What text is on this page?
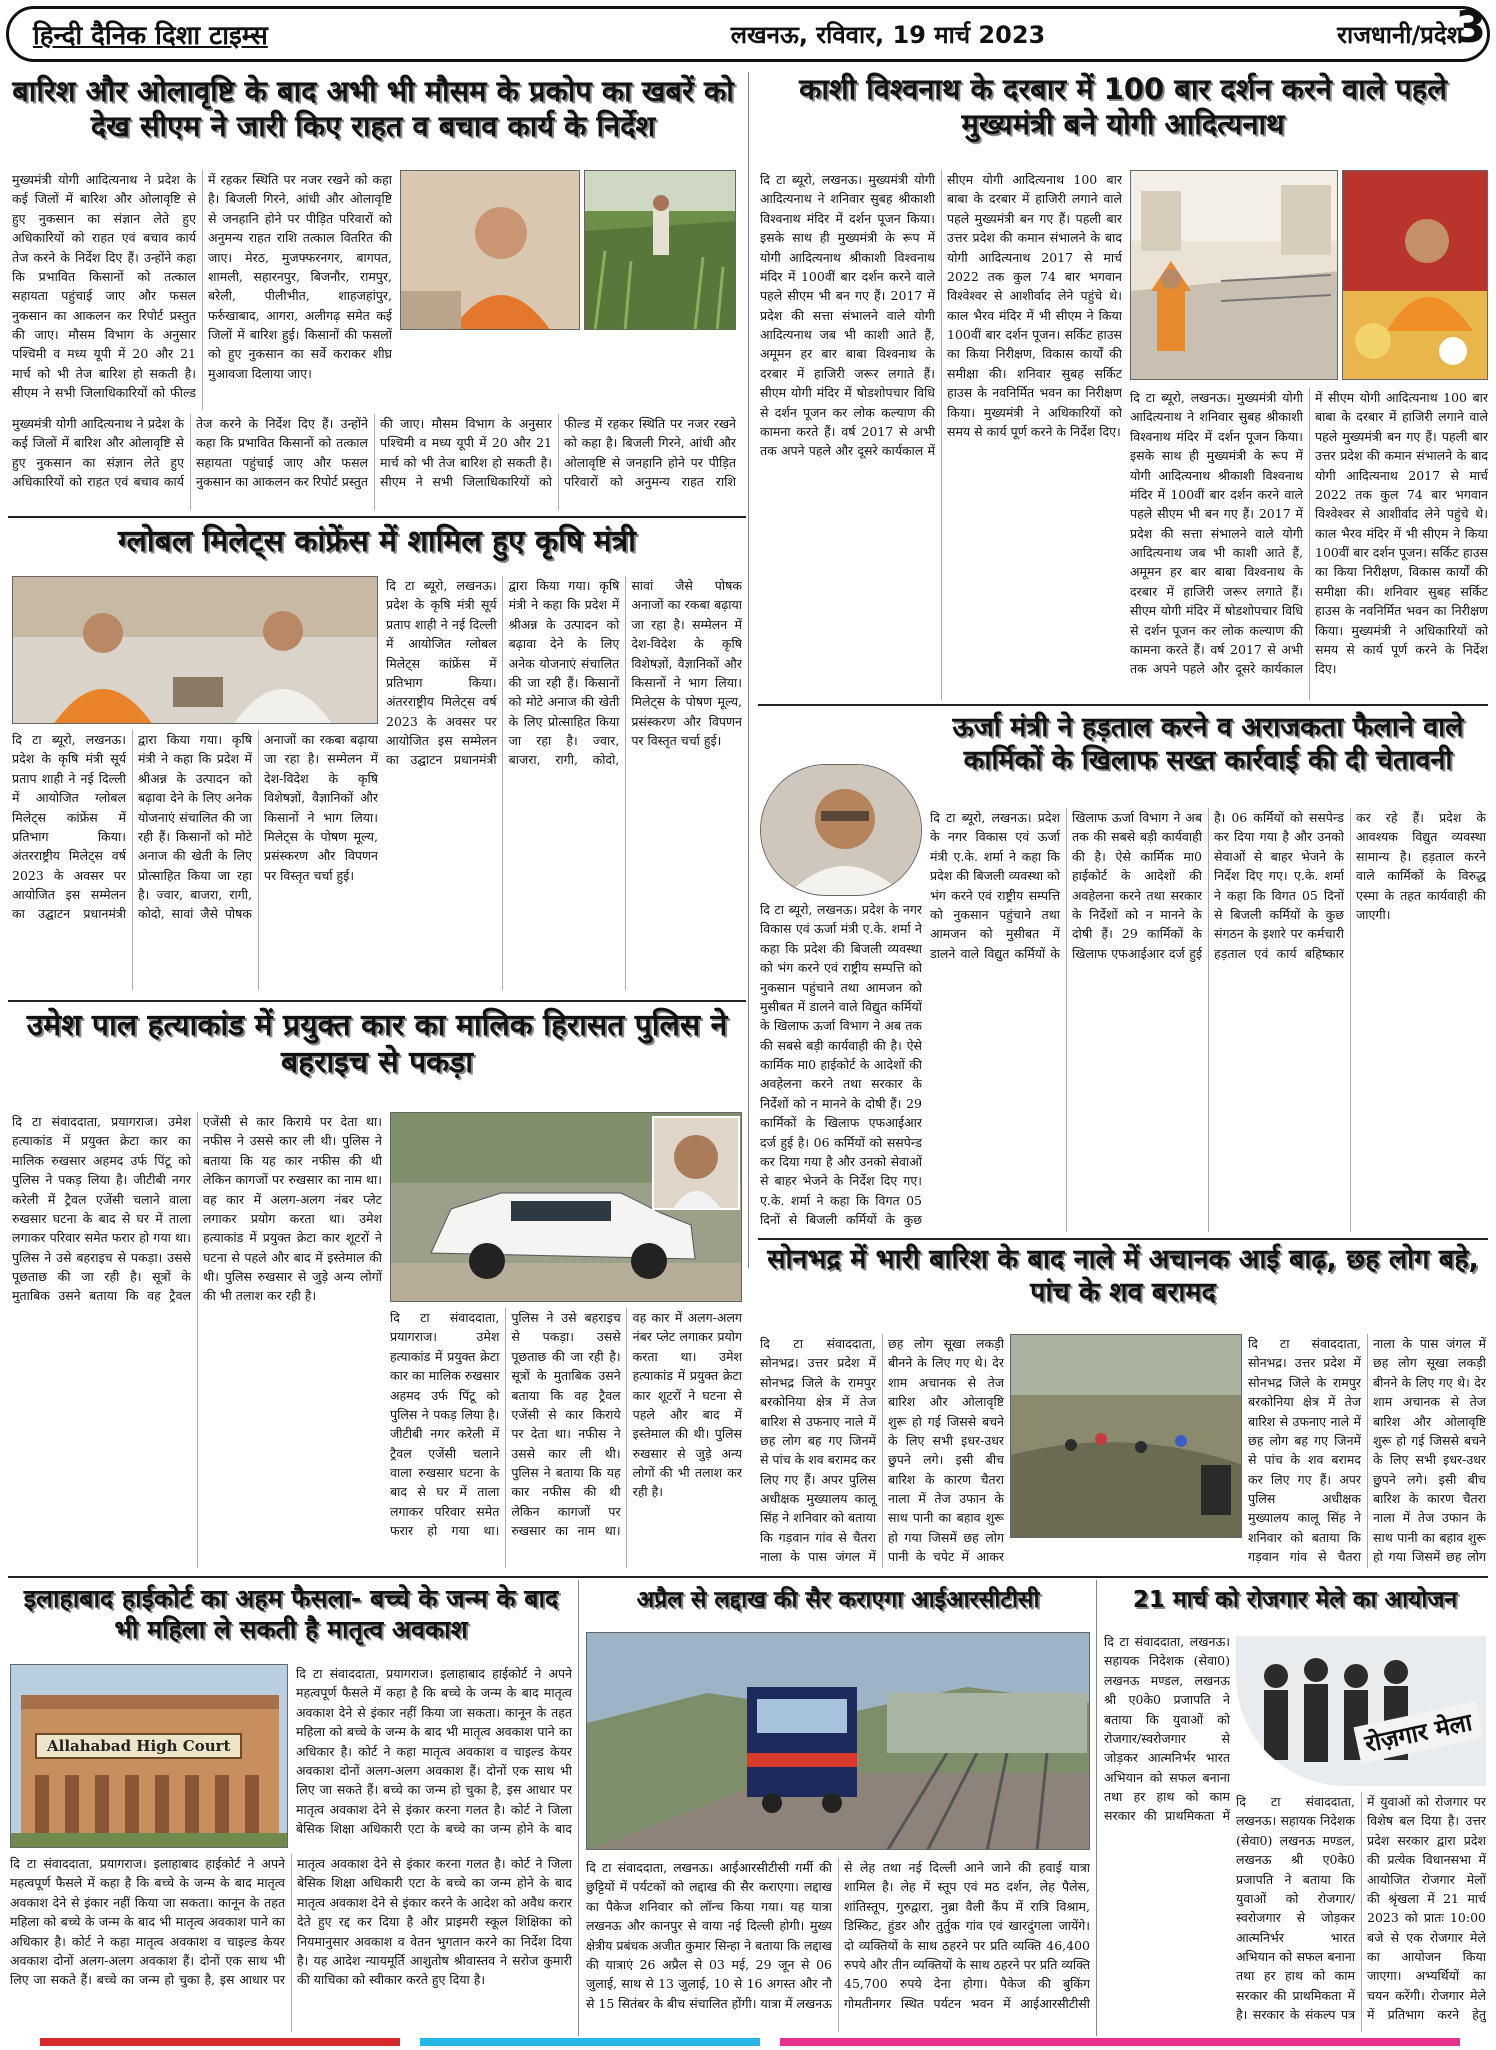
हिन्दी दैनिक दिशा टाइम्स	लखनऊ, रविवार, 19 मार्च 2023	राजधानी/प्रदेश
3
बारिश और ओलावृष्टि के बाद अभी भी मौसम के प्रकोप का खबरें को देख सीएम ने जारी किए राहत व बचाव कार्य के निर्देश

मुख्यमंत्री योगी आदित्यनाथ ने प्रदेश के कई जिलों में बारिश और ओलावृष्टि से हुए नुकसान का संज्ञान लेते हुए अधिकारियों को राहत एवं बचाव कार्य तेज करने के निर्देश दिए हैं। उन्होंने कहा कि प्रभावित किसानों को तत्काल सहायता पहुंचाई जाए और फसल नुकसान का आकलन कर रिपोर्ट प्रस्तुत की जाए। मौसम विभाग के अनुसार पश्चिमी व मध्य यूपी में 20 और 21 मार्च को भी तेज बारिश हो सकती है। सीएम ने सभी जिलाधिकारियों को फील्ड में रहकर स्थिति पर नजर रखने को कहा है। बिजली गिरने, आंधी और ओलावृष्टि से जनहानि होने पर पीड़ित परिवारों को अनुमन्य राहत राशि तत्काल वितरित की जाए। मेरठ, मुजफ्फरनगर, बागपत, शामली, सहारनपुर, बिजनौर, रामपुर, बरेली, पीलीभीत, शाहजहांपुर, फर्रुखाबाद, आगरा, अलीगढ़ समेत कई जिलों में बारिश हुई। किसानों की फसलों को हुए नुकसान का सर्वे कराकर शीघ्र मुआवजा दिलाया जाए।

मुख्यमंत्री योगी आदित्यनाथ ने प्रदेश के कई जिलों में बारिश और ओलावृष्टि से हुए नुकसान का संज्ञान लेते हुए अधिकारियों को राहत एवं बचाव कार्य तेज करने के निर्देश दिए हैं। उन्होंने कहा कि प्रभावित किसानों को तत्काल सहायता पहुंचाई जाए और फसल नुकसान का आकलन कर रिपोर्ट प्रस्तुत की जाए। मौसम विभाग के अनुसार पश्चिमी व मध्य यूपी में 20 और 21 मार्च को भी तेज बारिश हो सकती है। सीएम ने सभी जिलाधिकारियों को फील्ड में रहकर स्थिति पर नजर रखने को कहा है। बिजली गिरने, आंधी और ओलावृष्टि से जनहानि होने पर पीड़ित परिवारों को अनुमन्य राहत राशि

काशी विश्वनाथ के दरबार में 100 बार दर्शन करने वाले पहले मुख्यमंत्री बने योगी आदित्यनाथ

दि टा ब्यूरो, लखनऊ। मुख्यमंत्री योगी आदित्यनाथ ने शनिवार सुबह श्रीकाशी विश्वनाथ मंदिर में दर्शन पूजन किया। इसके साथ ही मुख्यमंत्री के रूप में योगी आदित्यनाथ श्रीकाशी विश्वनाथ मंदिर में 100वीं बार दर्शन करने वाले पहले सीएम भी बन गए हैं। 2017 में प्रदेश की सत्ता संभालने वाले योगी आदित्यनाथ जब भी काशी आते हैं, अमूमन हर बार बाबा विश्वनाथ के दरबार में हाजिरी जरूर लगाते हैं। सीएम योगी मंदिर में षोडशोपचार विधि से दर्शन पूजन कर लोक कल्याण की कामना करते हैं। वर्ष 2017 से अभी तक अपने पहले और दूसरे कार्यकाल में सीएम योगी आदित्यनाथ 100 बार बाबा के दरबार में हाजिरी लगाने वाले पहले मुख्यमंत्री बन गए हैं। पहली बार उत्तर प्रदेश की कमान संभालने के बाद योगी आदित्यनाथ 2017 से मार्च 2022 तक कुल 74 बार भगवान विश्वेश्वर से आशीर्वाद लेने पहुंचे थे। काल भैरव मंदिर में भी सीएम ने किया 100वीं बार दर्शन पूजन। सर्किट हाउस का किया निरीक्षण, विकास कार्यों की समीक्षा की। शनिवार सुबह सर्किट हाउस के नवनिर्मित भवन का निरीक्षण किया। मुख्यमंत्री ने अधिकारियों को समय से कार्य पूर्ण करने के निर्देश दिए।

दि टा ब्यूरो, लखनऊ। मुख्यमंत्री योगी आदित्यनाथ ने शनिवार सुबह श्रीकाशी विश्वनाथ मंदिर में दर्शन पूजन किया। इसके साथ ही मुख्यमंत्री के रूप में योगी आदित्यनाथ श्रीकाशी विश्वनाथ मंदिर में 100वीं बार दर्शन करने वाले पहले सीएम भी बन गए हैं। 2017 में प्रदेश की सत्ता संभालने वाले योगी आदित्यनाथ जब भी काशी आते हैं, अमूमन हर बार बाबा विश्वनाथ के दरबार में हाजिरी जरूर लगाते हैं। सीएम योगी मंदिर में षोडशोपचार विधि से दर्शन पूजन कर लोक कल्याण की कामना करते हैं। वर्ष 2017 से अभी तक अपने पहले और दूसरे कार्यकाल में सीएम योगी आदित्यनाथ 100 बार बाबा के दरबार में हाजिरी लगाने वाले पहले मुख्यमंत्री बन गए हैं। पहली बार उत्तर प्रदेश की कमान संभालने के बाद योगी आदित्यनाथ 2017 से मार्च 2022 तक कुल 74 बार भगवान विश्वेश्वर से आशीर्वाद लेने पहुंचे थे। काल भैरव मंदिर में भी सीएम ने किया 100वीं बार दर्शन पूजन। सर्किट हाउस का किया निरीक्षण, विकास कार्यों की समीक्षा की। शनिवार सुबह सर्किट हाउस के नवनिर्मित भवन का निरीक्षण किया। मुख्यमंत्री ने अधिकारियों को समय से कार्य पूर्ण करने के निर्देश दिए।

ग्लोबल मिलेट्स कांफ्रेंस में शामिल हुए कृषि मंत्री

दि टा ब्यूरो, लखनऊ। प्रदेश के कृषि मंत्री सूर्य प्रताप शाही ने नई दिल्ली में आयोजित ग्लोबल मिलेट्स कांफ्रेंस में प्रतिभाग किया। अंतरराष्ट्रीय मिलेट्स वर्ष 2023 के अवसर पर आयोजित इस सम्मेलन का उद्घाटन प्रधानमंत्री द्वारा किया गया। कृषि मंत्री ने कहा कि प्रदेश में श्रीअन्न के उत्पादन को बढ़ावा देने के लिए अनेक योजनाएं संचालित की जा रही हैं। किसानों को मोटे अनाज की खेती के लिए प्रोत्साहित किया जा रहा है। ज्वार, बाजरा, रागी, कोदो, सावां जैसे पोषक अनाजों का रकबा बढ़ाया जा रहा है। सम्मेलन में देश-विदेश के कृषि विशेषज्ञों, वैज्ञानिकों और किसानों ने भाग लिया। मिलेट्स के पोषण मूल्य, प्रसंस्करण और विपणन पर विस्तृत चर्चा हुई।

दि टा ब्यूरो, लखनऊ। प्रदेश के कृषि मंत्री सूर्य प्रताप शाही ने नई दिल्ली में आयोजित ग्लोबल मिलेट्स कांफ्रेंस में प्रतिभाग किया। अंतरराष्ट्रीय मिलेट्स वर्ष 2023 के अवसर पर आयोजित इस सम्मेलन का उद्घाटन प्रधानमंत्री द्वारा किया गया। कृषि मंत्री ने कहा कि प्रदेश में श्रीअन्न के उत्पादन को बढ़ावा देने के लिए अनेक योजनाएं संचालित की जा रही हैं। किसानों को मोटे अनाज की खेती के लिए प्रोत्साहित किया जा रहा है। ज्वार, बाजरा, रागी, कोदो, सावां जैसे पोषक अनाजों का रकबा बढ़ाया जा रहा है। सम्मेलन में देश-विदेश के कृषि विशेषज्ञों, वैज्ञानिकों और किसानों ने भाग लिया। मिलेट्स के पोषण मूल्य, प्रसंस्करण और विपणन पर विस्तृत चर्चा हुई।

ऊर्जा मंत्री ने हड़ताल करने व अराजकता फैलाने वाले कार्मिकों के खिलाफ सख्त कार्रवाई की दी चेतावनी

दि टा ब्यूरो, लखनऊ। प्रदेश के नगर विकास एवं ऊर्जा मंत्री ए.के. शर्मा ने कहा कि प्रदेश की बिजली व्यवस्था को भंग करने एवं राष्ट्रीय सम्पत्ति को नुकसान पहुंचाने तथा आमजन को मुसीबत में डालने वाले विद्युत कर्मियों के खिलाफ ऊर्जा विभाग ने अब तक की सबसे बड़ी कार्यवाही की है। ऐसे कार्मिक मा0 हाईकोर्ट के आदेशों की अवहेलना करने तथा सरकार के निर्देशों को न मानने के दोषी हैं। 29 कार्मिकों के खिलाफ एफआईआर दर्ज हुई है। 06 कर्मियों को ससपेन्ड कर दिया गया है और उनको सेवाओं से बाहर भेजने के निर्देश दिए गए। ए.के. शर्मा ने कहा कि विगत 05 दिनों से बिजली कर्मियों के कुछ

दि टा ब्यूरो, लखनऊ। प्रदेश के नगर विकास एवं ऊर्जा मंत्री ए.के. शर्मा ने कहा कि प्रदेश की बिजली व्यवस्था को भंग करने एवं राष्ट्रीय सम्पत्ति को नुकसान पहुंचाने तथा आमजन को मुसीबत में डालने वाले विद्युत कर्मियों के खिलाफ ऊर्जा विभाग ने अब तक की सबसे बड़ी कार्यवाही की है। ऐसे कार्मिक मा0 हाईकोर्ट के आदेशों की अवहेलना करने तथा सरकार के निर्देशों को न मानने के दोषी हैं। 29 कार्मिकों के खिलाफ एफआईआर दर्ज हुई है। 06 कर्मियों को ससपेन्ड कर दिया गया है और उनको सेवाओं से बाहर भेजने के निर्देश दिए गए। ए.के. शर्मा ने कहा कि विगत 05 दिनों से बिजली कर्मियों के कुछ संगठन के इशारे पर कर्मचारी हड़ताल एवं कार्य बहिष्कार कर रहे हैं। प्रदेश के आवश्यक विद्युत व्यवस्था सामान्य है। हड़ताल करने वाले कार्मिकों के विरुद्ध एस्मा के तहत कार्यवाही की जाएगी।

उमेश पाल हत्याकांड में प्रयुक्त कार का मालिक हिरासत पुलिस ने बहराइच से पकड़ा

दि टा संवाददाता, प्रयागराज। उमेश हत्याकांड में प्रयुक्त क्रेटा कार का मालिक रुखसार अहमद उर्फ पिंटू को पुलिस ने पकड़ लिया है। जीटीबी नगर करेली में ट्रैवल एजेंसी चलाने वाला रुखसार घटना के बाद से घर में ताला लगाकर परिवार समेत फरार हो गया था। पुलिस ने उसे बहराइच से पकड़ा। उससे पूछताछ की जा रही है। सूत्रों के मुताबिक उसने बताया कि वह ट्रैवल एजेंसी से कार किराये पर देता था। नफीस ने उससे कार ली थी। पुलिस ने बताया कि यह कार नफीस की थी लेकिन कागजों पर रुखसार का नाम था। वह कार में अलग-अलग नंबर प्लेट लगाकर प्रयोग करता था। उमेश हत्याकांड में प्रयुक्त क्रेटा कार शूटरों ने घटना से पहले और बाद में इस्तेमाल की थी। पुलिस रुखसार से जुड़े अन्य लोगों की भी तलाश कर रही है।

दि टा संवाददाता, प्रयागराज। उमेश हत्याकांड में प्रयुक्त क्रेटा कार का मालिक रुखसार अहमद उर्फ पिंटू को पुलिस ने पकड़ लिया है। जीटीबी नगर करेली में ट्रैवल एजेंसी चलाने वाला रुखसार घटना के बाद से घर में ताला लगाकर परिवार समेत फरार हो गया था। पुलिस ने उसे बहराइच से पकड़ा। उससे पूछताछ की जा रही है। सूत्रों के मुताबिक उसने बताया कि वह ट्रैवल एजेंसी से कार किराये पर देता था। नफीस ने उससे कार ली थी। पुलिस ने बताया कि यह कार नफीस की थी लेकिन कागजों पर रुखसार का नाम था। वह कार में अलग-अलग नंबर प्लेट लगाकर प्रयोग करता था। उमेश हत्याकांड में प्रयुक्त क्रेटा कार शूटरों ने घटना से पहले और बाद में इस्तेमाल की थी। पुलिस रुखसार से जुड़े अन्य लोगों की भी तलाश कर रही है।

सोनभद्र में भारी बारिश के बाद नाले में अचानक आई बाढ़, छह लोग बहे, पांच के शव बरामद

दि टा संवाददाता, सोनभद्र। उत्तर प्रदेश में सोनभद्र जिले के रामपुर बरकोनिया क्षेत्र में तेज बारिश से उफनाए नाले में छह लोग बह गए जिनमें से पांच के शव बरामद कर लिए गए हैं। अपर पुलिस अधीक्षक मुख्यालय कालू सिंह ने शनिवार को बताया कि गड़वान गांव से चैतरा नाला के पास जंगल में छह लोग सूखा लकड़ी बीनने के लिए गए थे। देर शाम अचानक से तेज बारिश और ओलावृष्टि शुरू हो गई जिससे बचने के लिए सभी इधर-उधर छुपने लगे। इसी बीच बारिश के कारण चैतरा नाला में तेज उफान के साथ पानी का बहाव शुरू हो गया जिसमें छह लोग पानी के चपेट में आकर

दि टा संवाददाता, सोनभद्र। उत्तर प्रदेश में सोनभद्र जिले के रामपुर बरकोनिया क्षेत्र में तेज बारिश से उफनाए नाले में छह लोग बह गए जिनमें से पांच के शव बरामद कर लिए गए हैं। अपर पुलिस अधीक्षक मुख्यालय कालू सिंह ने शनिवार को बताया कि गड़वान गांव से चैतरा नाला के पास जंगल में छह लोग सूखा लकड़ी बीनने के लिए गए थे। देर शाम अचानक से तेज बारिश और ओलावृष्टि शुरू हो गई जिससे बचने के लिए सभी इधर-उधर छुपने लगे। इसी बीच बारिश के कारण चैतरा नाला में तेज उफान के साथ पानी का बहाव शुरू हो गया जिसमें छह लोग

इलाहाबाद हाईकोर्ट का अहम फैसला- बच्चे के जन्म के बाद भी महिला ले सकती है मातृत्व अवकाश
Allahabad High Court

दि टा संवाददाता, प्रयागराज। इलाहाबाद हाईकोर्ट ने अपने महत्वपूर्ण फैसले में कहा है कि बच्चे के जन्म के बाद मातृत्व अवकाश देने से इंकार नहीं किया जा सकता। कानून के तहत महिला को बच्चे के जन्म के बाद भी मातृत्व अवकाश पाने का अधिकार है। कोर्ट ने कहा मातृत्व अवकाश व चाइल्ड केयर अवकाश दोनों अलग-अलग अवकाश हैं। दोनों एक साथ भी लिए जा सकते हैं। बच्चे का जन्म हो चुका है, इस आधार पर मातृत्व अवकाश देने से इंकार करना गलत है। कोर्ट ने जिला बेसिक शिक्षा अधिकारी एटा के बच्चे का जन्म होने के बाद

दि टा संवाददाता, प्रयागराज। इलाहाबाद हाईकोर्ट ने अपने महत्वपूर्ण फैसले में कहा है कि बच्चे के जन्म के बाद मातृत्व अवकाश देने से इंकार नहीं किया जा सकता। कानून के तहत महिला को बच्चे के जन्म के बाद भी मातृत्व अवकाश पाने का अधिकार है। कोर्ट ने कहा मातृत्व अवकाश व चाइल्ड केयर अवकाश दोनों अलग-अलग अवकाश हैं। दोनों एक साथ भी लिए जा सकते हैं। बच्चे का जन्म हो चुका है, इस आधार पर मातृत्व अवकाश देने से इंकार करना गलत है। कोर्ट ने जिला बेसिक शिक्षा अधिकारी एटा के बच्चे का जन्म होने के बाद मातृत्व अवकाश देने से इंकार करने के आदेश को अवैध करार देते हुए रद्द कर दिया है और प्राइमरी स्कूल शिक्षिका को नियमानुसार अवकाश व वेतन भुगतान करने का निर्देश दिया है। यह आदेश न्यायमूर्ति आशुतोष श्रीवास्तव ने सरोज कुमारी की याचिका को स्वीकार करते हुए दिया है।

अप्रैल से लद्दाख की सैर कराएगा आईआरसीटीसी

दि टा संवाददाता, लखनऊ। आईआरसीटीसी गर्मी की छुट्टियों में पर्यटकों को लद्दाख की सैर कराएगा। लद्दाख का पैकेज शनिवार को लॉन्च किया गया। यह यात्रा लखनऊ और कानपुर से वाया नई दिल्ली होगी। मुख्य क्षेत्रीय प्रबंधक अजीत कुमार सिन्हा ने बताया कि लद्दाख की यात्राएं 26 अप्रैल से 03 मई, 29 जून से 06 जुलाई, साथ से 13 जुलाई, 10 से 16 अगस्त और नौ से 15 सितंबर के बीच संचालित होंगी। यात्रा में लखनऊ से लेह तथा नई दिल्ली आने जाने की हवाई यात्रा शामिल है। लेह में स्तूप एवं मठ दर्शन, लेह पैलेस, शांतिस्तूप, गुरुद्वारा, नुब्रा वैली कैंप में रात्रि विश्राम, डिस्किट, हुंडर और तुर्तुक गांव एवं खारदुंगला जायेंगे। दो व्यक्तियों के साथ ठहरने पर प्रति व्यक्ति 46,400 रुपये और तीन व्यक्तियों के साथ ठहरने पर प्रति व्यक्ति 45,700 रुपये देना होगा। पैकेज की बुकिंग गोमतीनगर स्थित पर्यटन भवन में आईआरसीटीसी

21 मार्च को रोजगार मेले का आयोजन

दि टा संवाददाता, लखनऊ। सहायक निदेशक (सेवा0) लखनऊ मण्डल, लखनऊ श्री ए0के0 प्रजापति ने बताया कि युवाओं को रोजगार/स्वरोजगार से जोड़कर आत्मनिर्भर भारत अभियान को सफल बनाना तथा हर हाथ को काम सरकार की प्राथमिकता में

रोज़गार मेला

दि टा संवाददाता, लखनऊ। सहायक निदेशक (सेवा0) लखनऊ मण्डल, लखनऊ श्री ए0के0 प्रजापति ने बताया कि युवाओं को रोजगार/स्वरोजगार से जोड़कर आत्मनिर्भर भारत अभियान को सफल बनाना तथा हर हाथ को काम सरकार की प्राथमिकता में है। सरकार के संकल्प पत्र में युवाओं को रोजगार पर विशेष बल दिया है। उत्तर प्रदेश सरकार द्वारा प्रदेश की प्रत्येक विधानसभा में आयोजित रोजगार मेलों की श्रृंखला में 21 मार्च 2023 को प्रातः 10:00 बजे से एक रोजगार मेले का आयोजन किया जाएगा। अभ्यर्थियों का चयन करेंगी। रोजगार मेले में प्रतिभाग करने हेतु
